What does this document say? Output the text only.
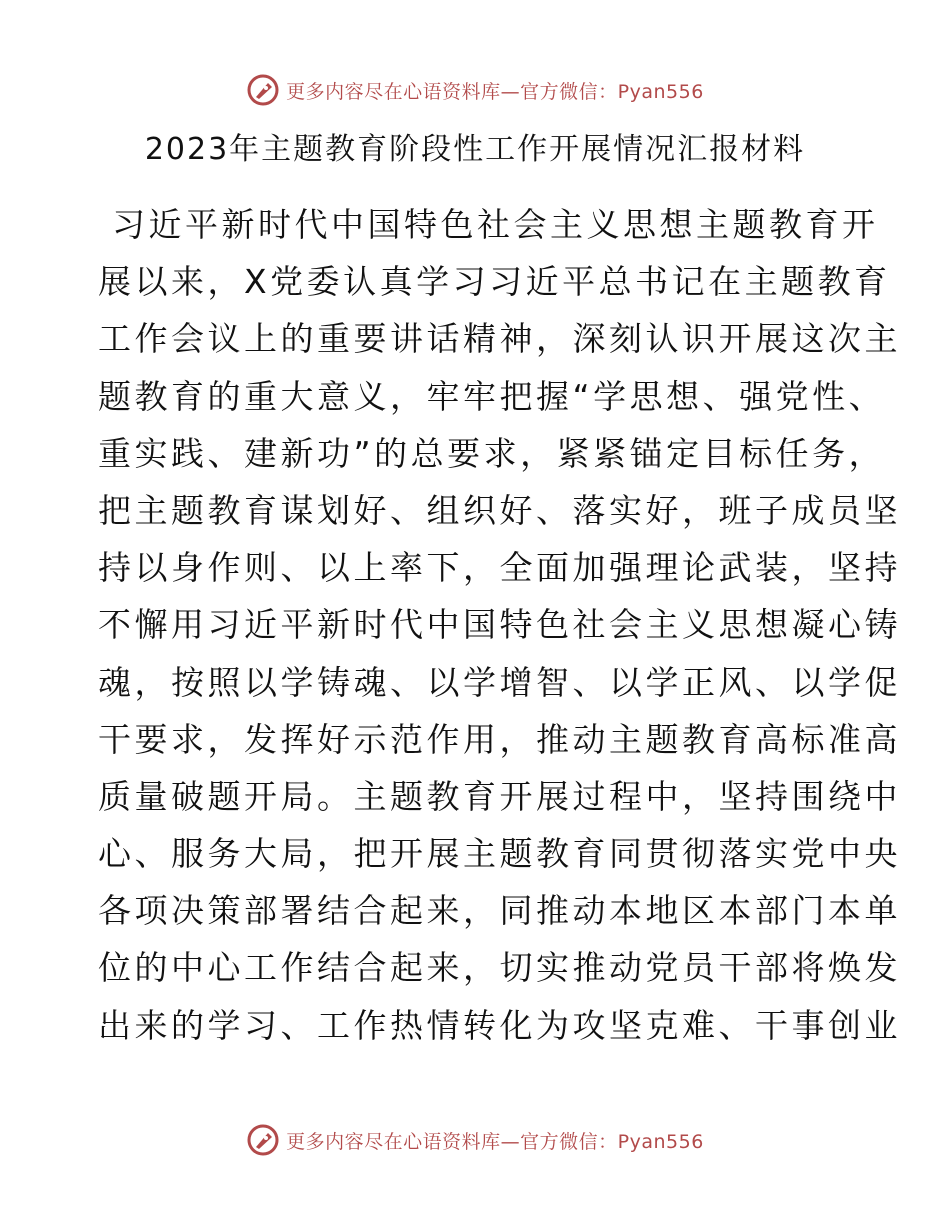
更多内容尽在心语资料库—官方微信：Pyan556
2023年主题教育阶段性工作开展情况汇报材料
习近平新时代中国特色社会主义思想主题教育开
展以来，X党委认真学习习近平总书记在主题教育
工作会议上的重要讲话精神，深刻认识开展这次主
题教育的重大意义，牢牢把握“学思想、强党性、
重实践、建新功”的总要求，紧紧锚定目标任务，
把主题教育谋划好、组织好、落实好，班子成员坚
持以身作则、以上率下，全面加强理论武装，坚持
不懈用习近平新时代中国特色社会主义思想凝心铸
魂，按照以学铸魂、以学增智、以学正风、以学促
干要求，发挥好示范作用，推动主题教育高标准高
质量破题开局。主题教育开展过程中，坚持围绕中
心、服务大局，把开展主题教育同贯彻落实党中央
各项决策部署结合起来，同推动本地区本部门本单
位的中心工作结合起来，切实推动党员干部将焕发
出来的学习、工作热情转化为攻坚克难、干事创业
更多内容尽在心语资料库—官方微信：Pyan556
